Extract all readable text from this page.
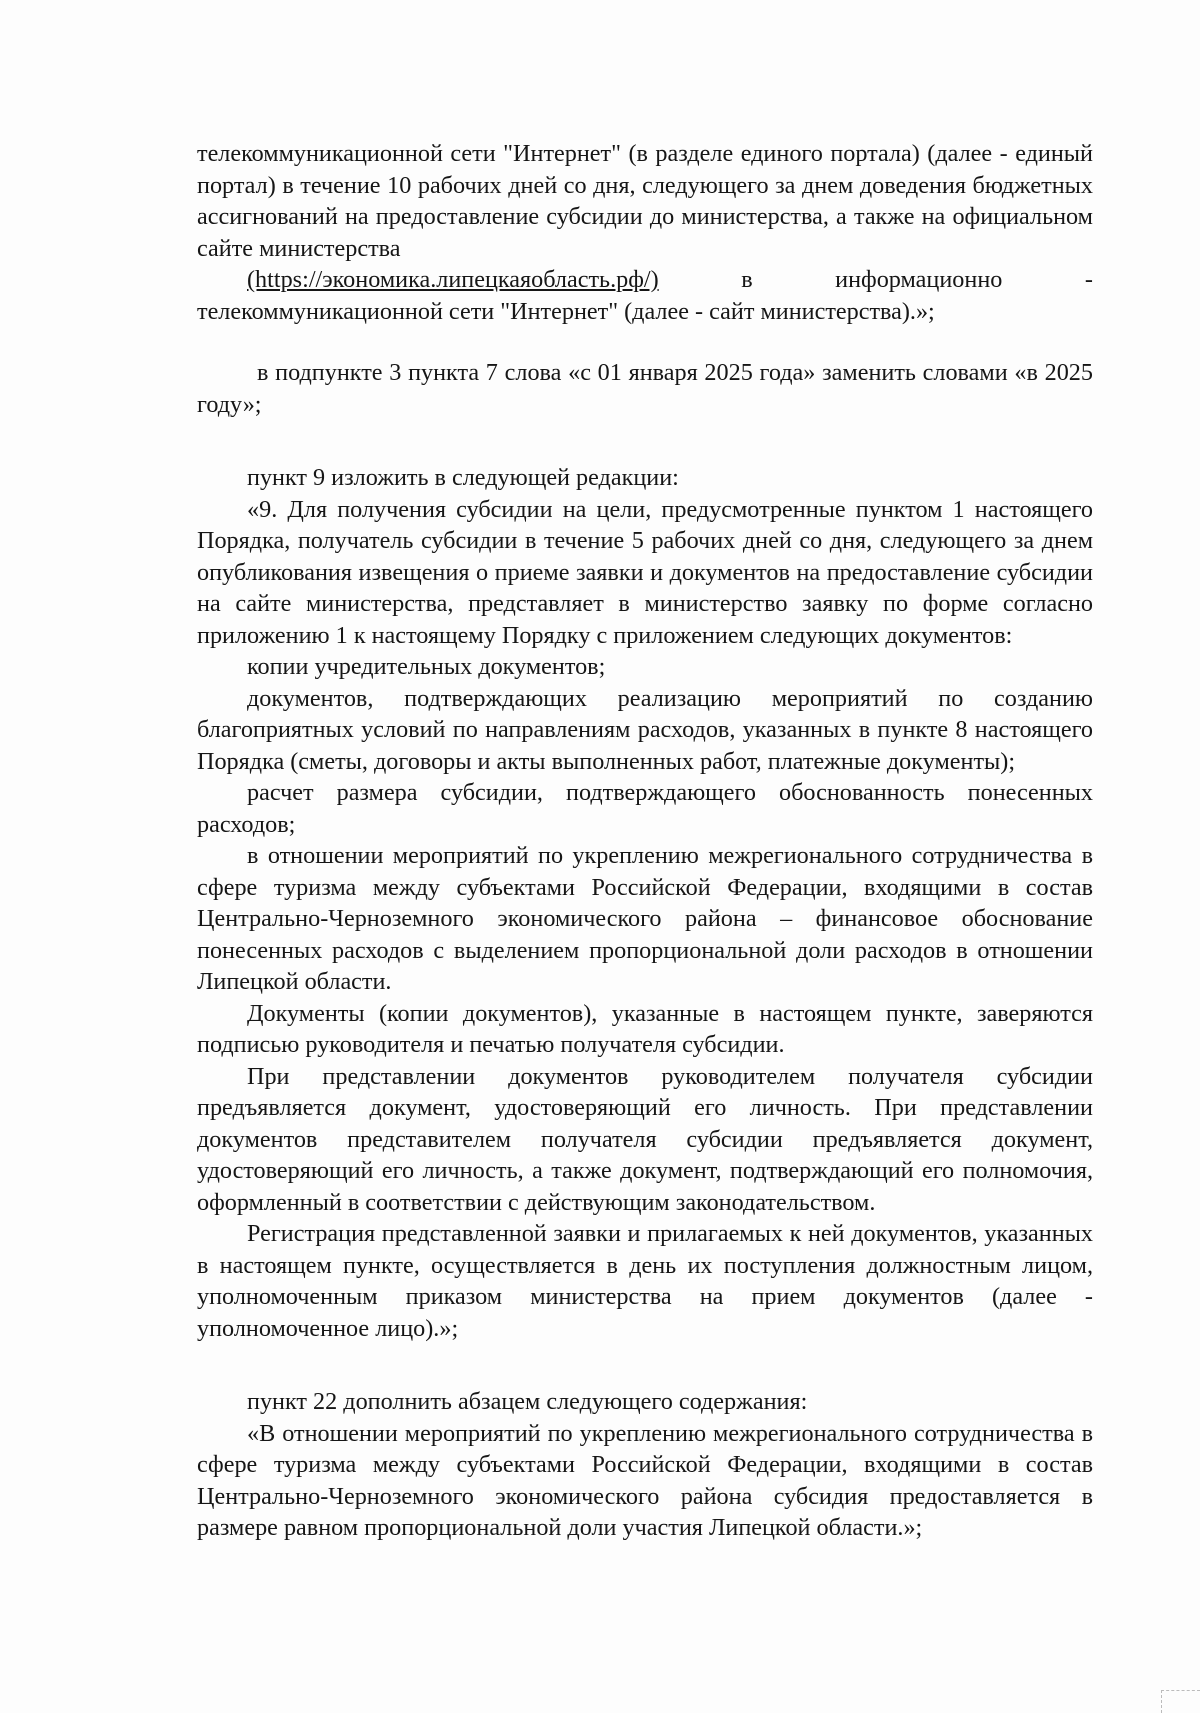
телекоммуникационной сети "Интернет" (в разделе единого портала) (далее - единый портал) в течение 10 рабочих дней со дня, следующего за днем доведения бюджетных ассигнований на предоставление субсидии до министерства, а также на официальном сайте министерства

(https://экономика.липецкаяобласть.рф/)	в	информационно	-

телекоммуникационной сети "Интернет" (далее - сайт министерства).»;

в подпункте 3 пункта 7 слова «с 01 января 2025 года» заменить словами «в 2025 году»;

пункт 9 изложить в следующей редакции:

«9. Для получения субсидии на цели, предусмотренные пунктом 1 настоящего Порядка, получатель субсидии в течение 5 рабочих дней со дня, следующего за днем опубликования извещения о приеме заявки и документов на предоставление субсидии на сайте министерства, представляет в министерство заявку по форме согласно приложению 1 к настоящему Порядку с приложением следующих документов:

копии учредительных документов;

документов, подтверждающих реализацию мероприятий по созданию благоприятных условий по направлениям расходов, указанных в пункте 8 настоящего Порядка (сметы, договоры и акты выполненных работ, платежные документы);

расчет размера субсидии, подтверждающего обоснованность понесенных расходов;

в отношении мероприятий по укреплению межрегионального сотрудничества в сфере туризма между субъектами Российской Федерации, входящими в состав Центрально-Черноземного экономического района – финансовое обоснование понесенных расходов с выделением пропорциональной доли расходов в отношении Липецкой области.

Документы (копии документов), указанные в настоящем пункте, заверяются подписью руководителя и печатью получателя субсидии.

При представлении документов руководителем получателя субсидии предъявляется документ, удостоверяющий его личность. При представлении документов представителем получателя субсидии предъявляется документ, удостоверяющий его личность, а также документ, подтверждающий его полномочия, оформленный в соответствии с действующим законодательством.

Регистрация представленной заявки и прилагаемых к ней документов, указанных в настоящем пункте, осуществляется в день их поступления должностным лицом, уполномоченным приказом министерства на прием документов (далее - уполномоченное лицо).»;

пункт 22 дополнить абзацем следующего содержания:

«В отношении мероприятий по укреплению межрегионального сотрудничества в сфере туризма между субъектами Российской Федерации, входящими в состав Центрально-Черноземного экономического района субсидия предоставляется в размере равном пропорциональной доли участия Липецкой области.»;
